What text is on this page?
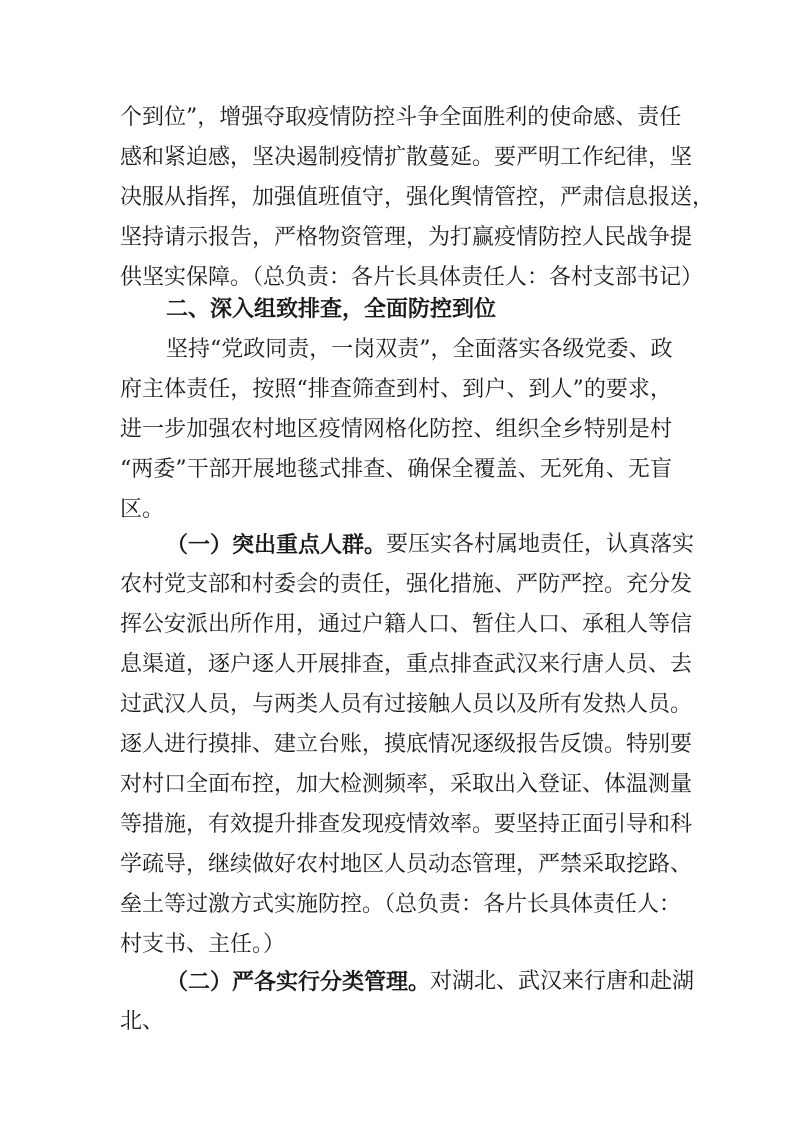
个到位”，增强夺取疫情防控斗争全面胜利的使命感、责任
感和紧迫感，坚决遏制疫情扩散蔓延。要严明工作纪律，坚
决服从指挥，加强值班值守，强化舆情管控，严肃信息报送，
坚持请示报告，严格物资管理，为打赢疫情防控人民战争提
供坚实保障。（总负责：各片长具体责任人：各村支部书记）
二、深入组致排查，全面防控到位
坚持“党政同责，一岗双责”，全面落实各级党委、政
府主体责任，按照“排查筛查到村、到户、到人”的要求，
进一步加强农村地区疫情网格化防控、组织全乡特别是村
“两委”干部开展地毯式排查、确保全覆盖、无死角、无盲
区。
（一）突出重点人群。 要压实各村属地责任，认真落实
农村党支部和村委会的责任，强化措施、严防严控。充分发
挥公安派出所作用，通过户籍人口、暂住人口、承租人等信
息渠道，逐户逐人开展排查，重点排查武汉来行唐人员、去
过武汉人员，与两类人员有过接触人员以及所有发热人员。
逐人进行摸排、建立台账，摸底情况逐级报告反馈。特别要
对村口全面布控，加大检测频率，采取出入登证、体温测量
等措施，有效提升排查发现疫情效率。要坚持正面引导和科
学疏导，继续做好农村地区人员动态管理，严禁采取挖路、
垒土等过激方式实施防控。（总负责：各片长具体责任人：
村支书、主任。）
（二）严各实行分类管理。 对湖北、武汉来行唐和赴湖
北、
